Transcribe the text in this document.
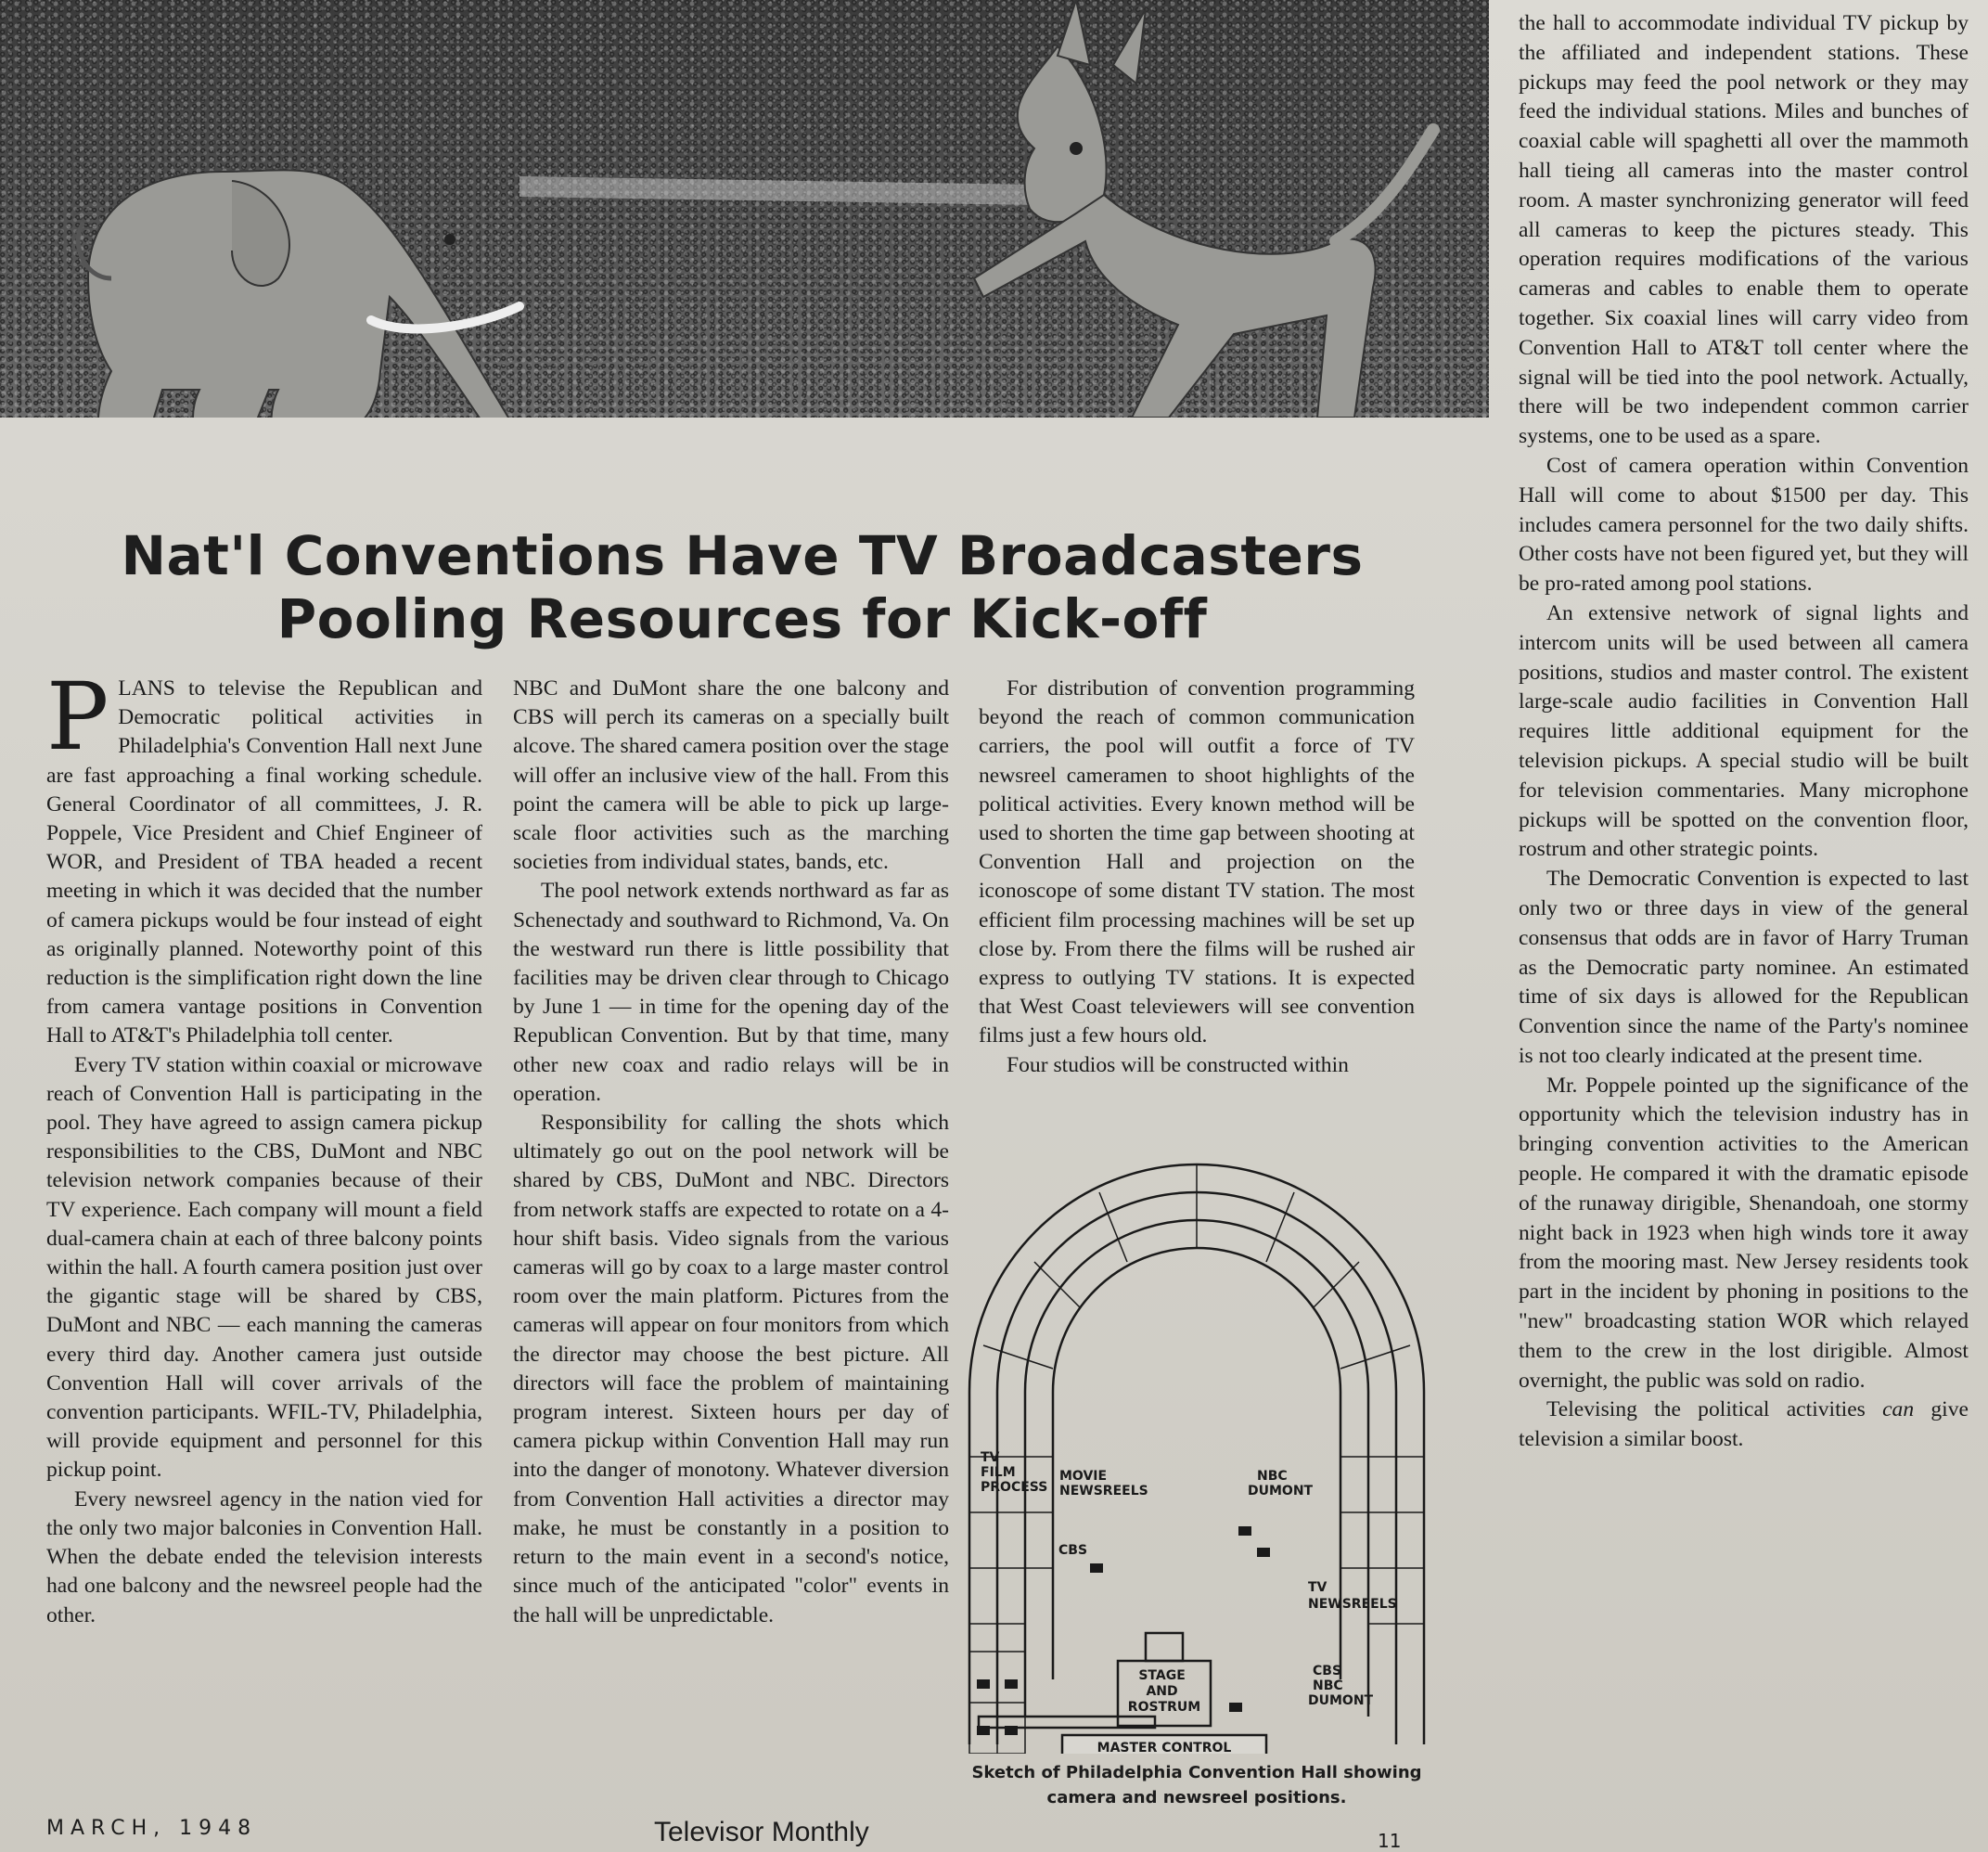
the hall to accommodate individual TV pickup by the affiliated and independent stations. These pickups may feed the pool network or they may feed the individual stations. Miles and bunches of coaxial cable will spaghetti all over the mammoth hall tieing all cameras into the master control room. A master synchronizing generator will feed all cameras to keep the pictures steady. This operation requires modifications of the various cameras and cables to enable them to operate together. Six coaxial lines will carry video from Convention Hall to AT&T toll center where the signal will be tied into the pool network. Actually, there will be two independent common carrier systems, one to be used as a spare.

Cost of camera operation within Convention Hall will come to about $1500 per day. This includes camera personnel for the two daily shifts. Other costs have not been figured yet, but they will be pro-rated among pool stations.

An extensive network of signal lights and intercom units will be used between all camera positions, studios and master control. The existent large-scale audio facilities in Convention Hall requires little additional equipment for the television pickups. A special studio will be built for television commentaries. Many microphone pickups will be spotted on the convention floor, rostrum and other strategic points.

The Democratic Convention is expected to last only two or three days in view of the general consensus that odds are in favor of Harry Truman as the Democratic party nominee. An estimated time of six days is allowed for the Republican Convention since the name of the Party's nominee is not too clearly indicated at the present time.

Mr. Poppele pointed up the significance of the opportunity which the television industry has in bringing convention activities to the American people. He compared it with the dramatic episode of the runaway dirigible, Shenandoah, one stormy night back in 1923 when high winds tore it away from the mooring mast. New Jersey residents took part in the incident by phoning in positions to the "new" broadcasting station WOR which relayed them to the crew in the lost dirigible. Almost overnight, the public was sold on radio.

Televising the political activities can give television a similar boost.

Nat'l Conventions Have TV Broadcasters
Pooling Resources for Kick-off

PLANS to televise the Republican and Democratic political activities in Philadelphia's Convention Hall next June are fast approaching a final working schedule. General Coordinator of all committees, J. R. Poppele, Vice President and Chief Engineer of WOR, and President of TBA headed a recent meeting in which it was decided that the number of camera pickups would be four instead of eight as originally planned. Noteworthy point of this reduction is the simplification right down the line from camera vantage positions in Convention Hall to AT&T's Philadelphia toll center.

Every TV station within coaxial or microwave reach of Convention Hall is participating in the pool. They have agreed to assign camera pickup responsibilities to the CBS, DuMont and NBC television network companies because of their TV experience. Each company will mount a field dual-camera chain at each of three balcony points within the hall. A fourth camera position just over the gigantic stage will be shared by CBS, DuMont and NBC — each manning the cameras every third day. Another camera just outside Convention Hall will cover arrivals of the convention participants. WFIL-TV, Philadelphia, will provide equipment and personnel for this pickup point.

Every newsreel agency in the nation vied for the only two major balconies in Convention Hall. When the debate ended the television interests had one balcony and the newsreel people had the other.

NBC and DuMont share the one balcony and CBS will perch its cameras on a specially built alcove. The shared camera position over the stage will offer an inclusive view of the hall. From this point the camera will be able to pick up large-scale floor activities such as the marching societies from individual states, bands, etc.

The pool network extends northward as far as Schenectady and southward to Richmond, Va. On the westward run there is little possibility that facilities may be driven clear through to Chicago by June 1 — in time for the opening day of the Republican Convention. But by that time, many other new coax and radio relays will be in operation.

Responsibility for calling the shots which ultimately go out on the pool network will be shared by CBS, DuMont and NBC. Directors from network staffs are expected to rotate on a 4-hour shift basis. Video signals from the various cameras will go by coax to a large master control room over the main platform. Pictures from the cameras will appear on four monitors from which the director may choose the best picture. All directors will face the problem of maintaining program interest. Sixteen hours per day of camera pickup within Convention Hall may run into the danger of monotony. Whatever diversion from Convention Hall activities a director may make, he must be constantly in a position to return to the main event in a second's notice, since much of the anticipated "color" events in the hall will be unpredictable.

For distribution of convention programming beyond the reach of common communication carriers, the pool will outfit a force of TV newsreel cameramen to shoot highlights of the political activities. Every known method will be used to shorten the time gap between shooting at Convention Hall and projection on the iconoscope of some distant TV station. The most efficient film processing machines will be set up close by. From there the films will be rushed air express to outlying TV stations. It is expected that West Coast televiewers will see convention films just a few hours old.

Four studios will be constructed within

TV FILM PROCESS
MOVIE NEWSREELS
NBC DUMONT
CBS
TV NEWSREELS
STAGE AND ROSTRUM
CBS NBC DUMONT
MASTER CONTROL
Sketch of Philadelphia Convention Hall showing
camera and newsreel positions.
MARCH, 1948	Televisor Monthly	11
